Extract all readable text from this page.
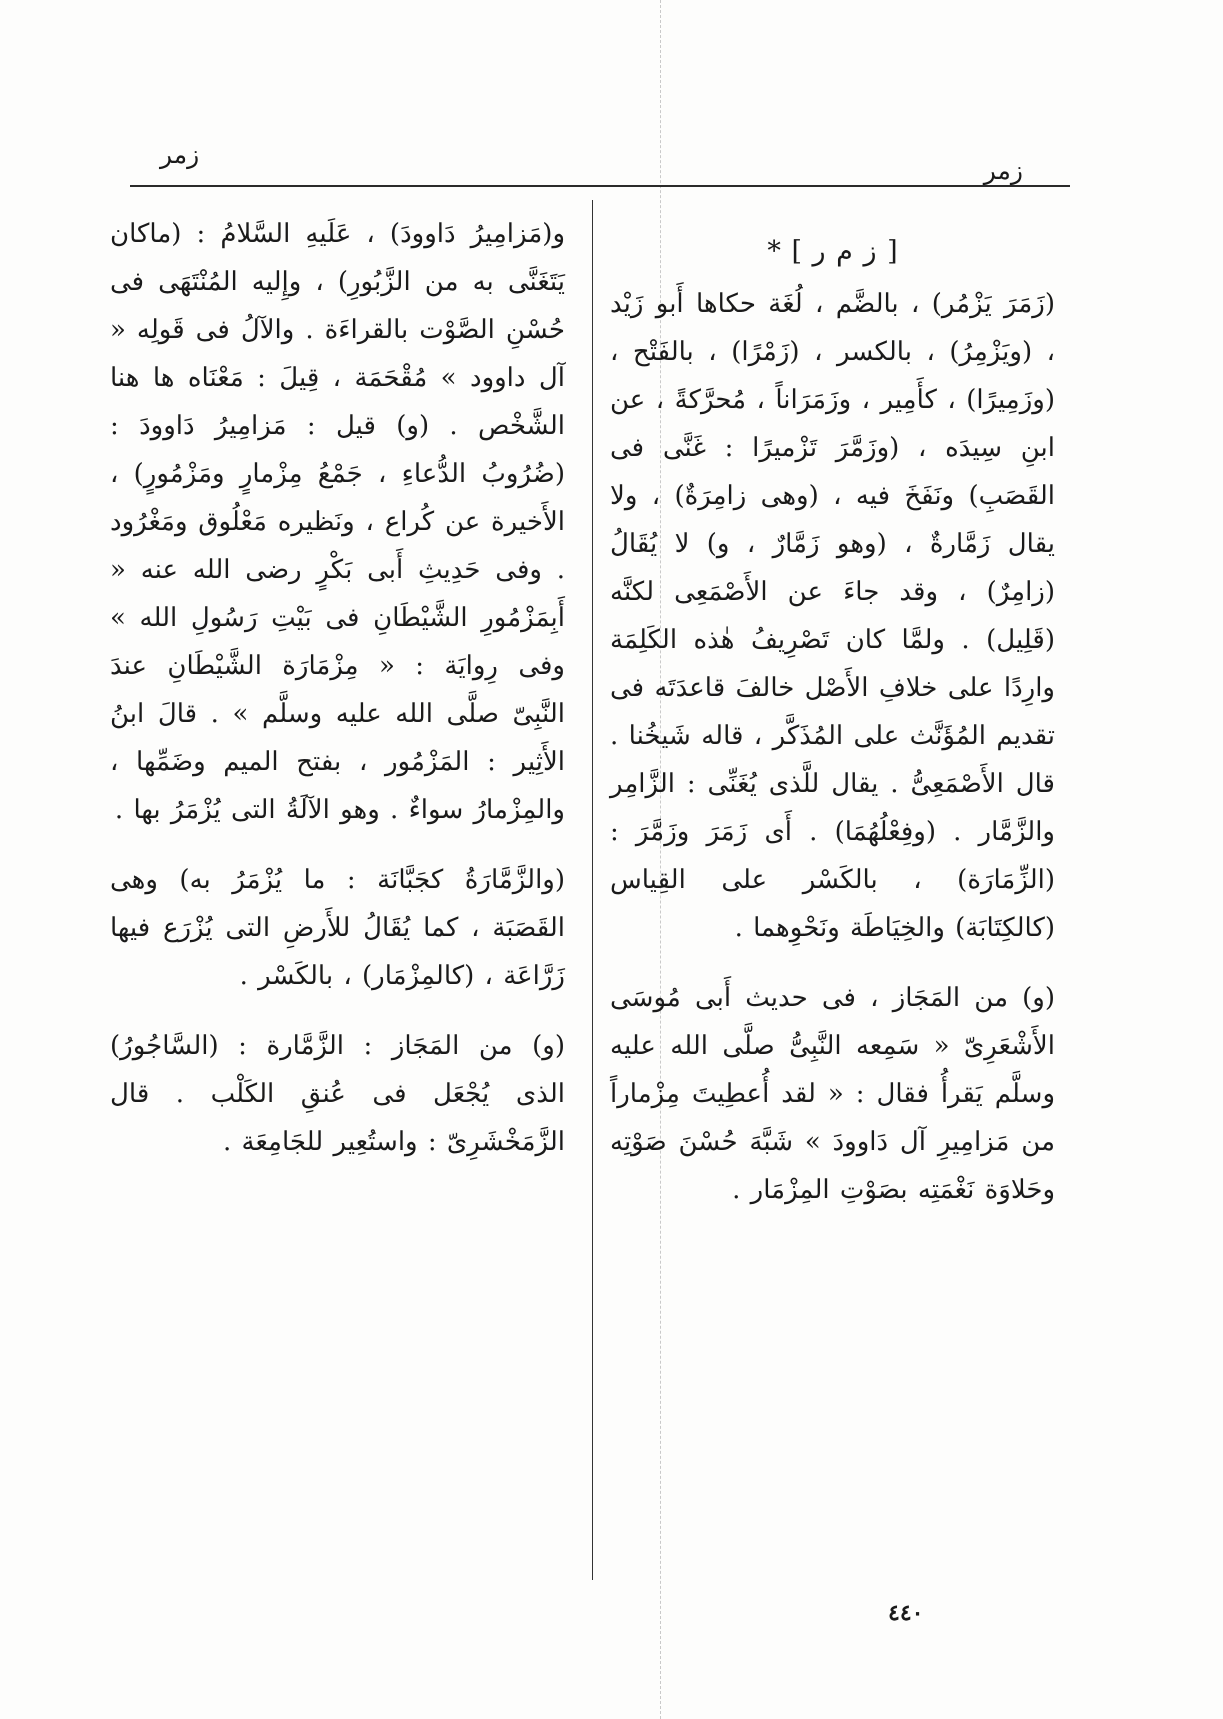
زمر
زمر

[ ز م ر ] *

(زَمَرَ يَزْمُر) ، بالضَّم ، لُغَة حكاها أَبو زَيْد ، (ويَزْمِرُ) ، بالكسر ، (زَمْرًا) ، بالفَتْح ، (وزَمِيرًا) ، كأَمِير ، وزَمَرَاناً ، مُحرَّكةً ، عن ابنِ سِيدَه ، (وزَمَّرَ تَزْميرًا : غَنَّى فى القَصَبِ) ونَفَخَ فيه ، (وهى زامِرَةٌ) ، ولا يقال زَمَّارةٌ ، (وهو زَمَّارٌ ، و) لا يُقَالُ (زامِرٌ) ، وقد جاءَ عن الأَصْمَعِى لكنَّه (قَلِيل) . ولمَّا كان تَصْرِيفُ هٰذه الكَلِمَة وارِدًا على خلافِ الأَصْل خالفَ قاعدَتَه فى تقديم المُؤَنَّث على المُذَكَّر ، قاله شَيخُنا . قال الأَصْمَعِىُّ . يقال للَّذى يُغَنِّى : الزَّامِر والزَّمَّار . (وفِعْلُهُمَا) . أَى زَمَرَ وزَمَّرَ : (الزِّمَارَة) ، بالكَسْر على القِياس (كالكِتَابَة) والخِيَاطَة ونَحْوِهما .

(و) من المَجَاز ، فى حديث أَبى مُوسَى الأَشْعَرِىّ « سَمِعه النَّبِىُّ صلَّى الله عليه وسلَّم يَقرأُ فقال : « لقد أُعطِيتَ مِزْماراً من مَزامِيرِ آل دَاوودَ » شَبَّهَ حُسْنَ صَوْتِه وحَلاوَة نَغْمَتِه بصَوْتِ المِزْمَار .

و(مَزامِيرُ دَاوودَ) ، عَلَيهِ السَّلامُ : (ماكان يَتَغَنَّى به من الزَّبُورِ) ، وإِليه المُنْتَهَى فى حُسْنِ الصَّوْت بالقراءَة . والآلُ فى قَولِه « آل داوود » مُقْحَمَة ، قِيلَ : مَعْنَاه ها هنا الشَّخْص . (و) قيل : مَزامِيرُ دَاوودَ : (ضُرُوبُ الدُّعاءِ ، جَمْعُ مِزْمارٍ ومَزْمُورٍ) ، الأَخيرة عن كُراع ، ونَظيره مَعْلُوق ومَغْرُود . وفى حَدِيثِ أَبى بَكْرٍ رضى الله عنه « أَبِمَزْمُورِ الشَّيْطَانِ فى بَيْتِ رَسُولِ الله » وفى رِوايَة : « مِزْمَارَة الشَّيْطَانِ عندَ النَّبِىّ صلَّى الله عليه وسلَّم » . قالَ ابنُ الأَثِير : المَزْمُور ، بفتح الميم وضَمِّها ، والمِزْمارُ سواءٌ . وهو الآلَةُ التى يُزْمَرُ بها .

(والزَّمَّارَةُ كجَبَّانَة : ما يُزْمَرُ به) وهى القَصَبَة ، كما يُقَالُ للأَرضِ التى يُزْرَع فيها زَرَّاعَة ، (كالمِزْمَار) ، بالكَسْر .

(و) من المَجَاز : الزَّمَّارة : (السَّاجُورُ) الذى يُجْعَل فى عُنقِ الكَلْب . قال الزَّمَخْشَرِىّ : واستُعِير للجَامِعَة .

٤٤٠
